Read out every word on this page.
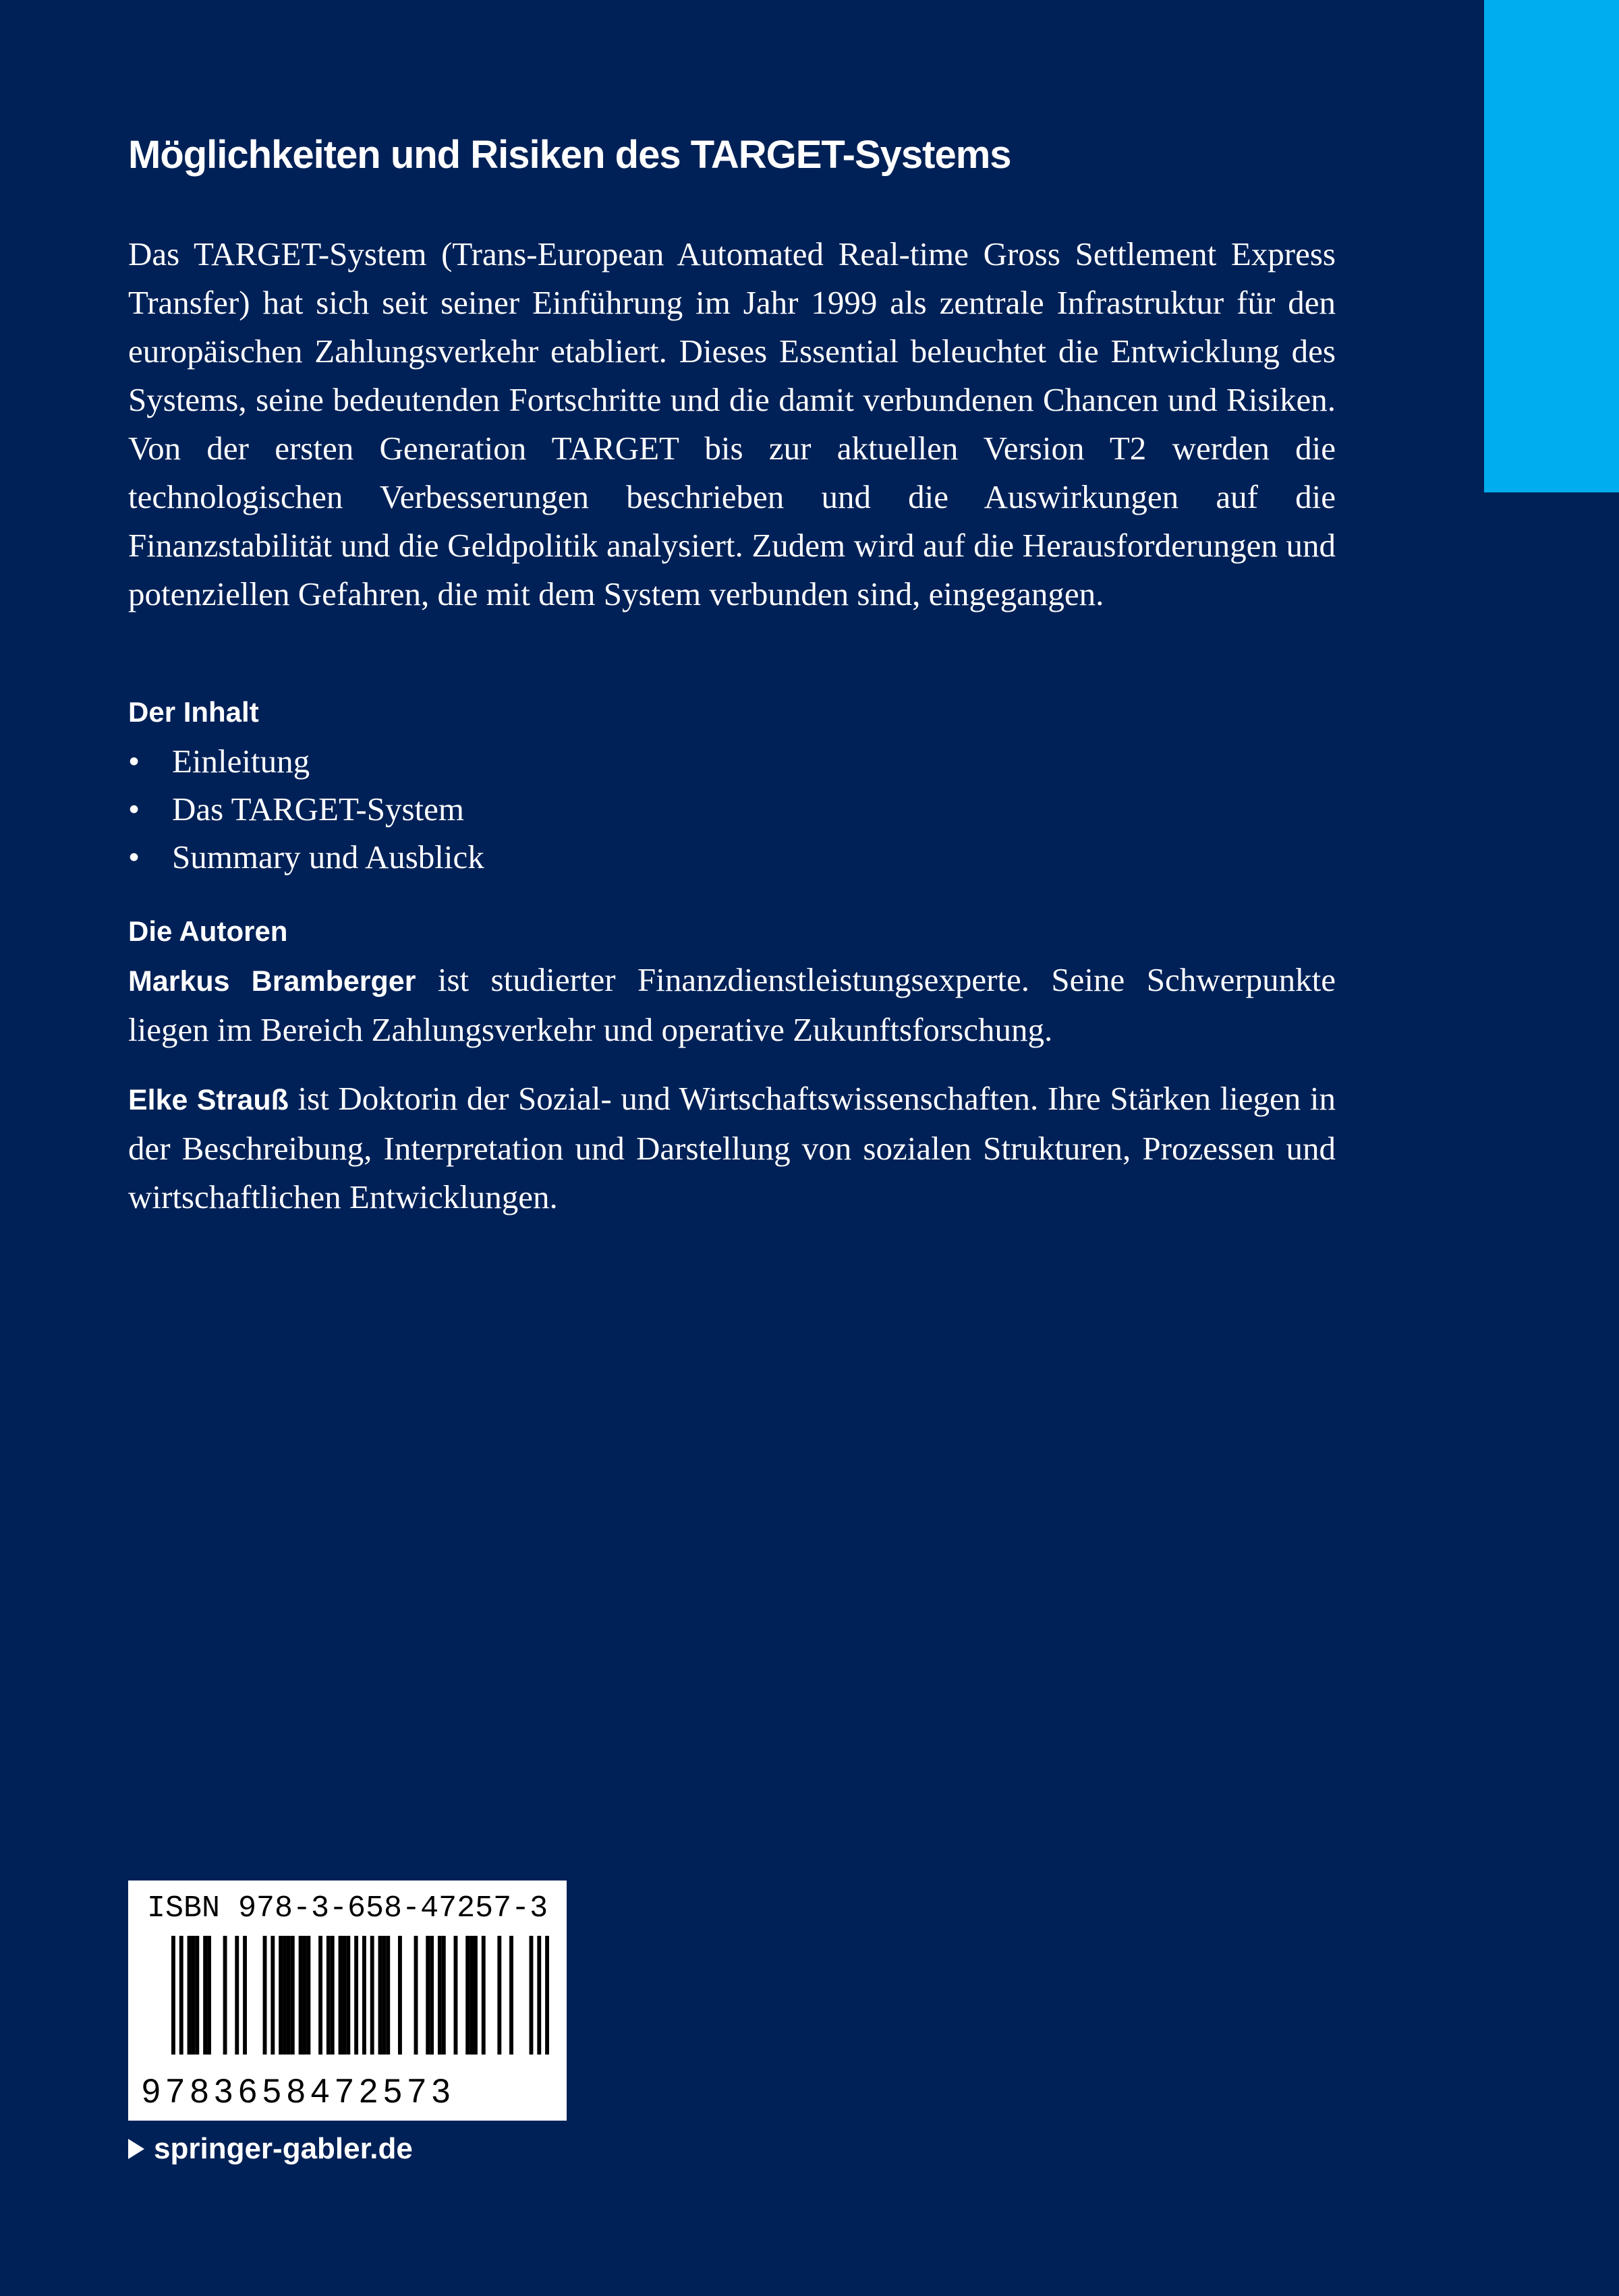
Möglichkeiten und Risiken des TARGET-Systems

Das TARGET-System (Trans-European Automated Real-time Gross Settlement Express Transfer) hat sich seit seiner Einführung im Jahr 1999 als zentrale Infrastruktur für den europäischen Zahlungsverkehr etabliert. Dieses Essential beleuchtet die Entwicklung des Systems, seine bedeutenden Fortschritte und die damit verbundenen Chancen und Risiken. Von der ersten Generation TARGET bis zur aktuellen Version T2 werden die technologischen Verbesserungen beschrieben und die Auswirkungen auf die Finanzstabilität und die Geldpolitik analysiert. Zudem wird auf die Herausforderungen und potenziellen Gefahren, die mit dem System verbunden sind, eingegangen.

Der Inhalt
• Einleitung
• Das TARGET-System
• Summary und Ausblick
Die Autoren

Markus Bramberger ist studierter Finanzdienstleistungsexperte. Seine Schwerpunkte liegen im Bereich Zahlungsverkehr und operative Zukunftsforschung.

Elke Strauß ist Doktorin der Sozial- und Wirtschaftswissenschaften. Ihre Stärken liegen in der Beschreibung, Interpretation und Darstellung von sozialen Strukturen, Prozessen und wirtschaftlichen Entwicklungen.

ISBN 978-3-658-47257-3

9783658472573

springer-gabler.de
